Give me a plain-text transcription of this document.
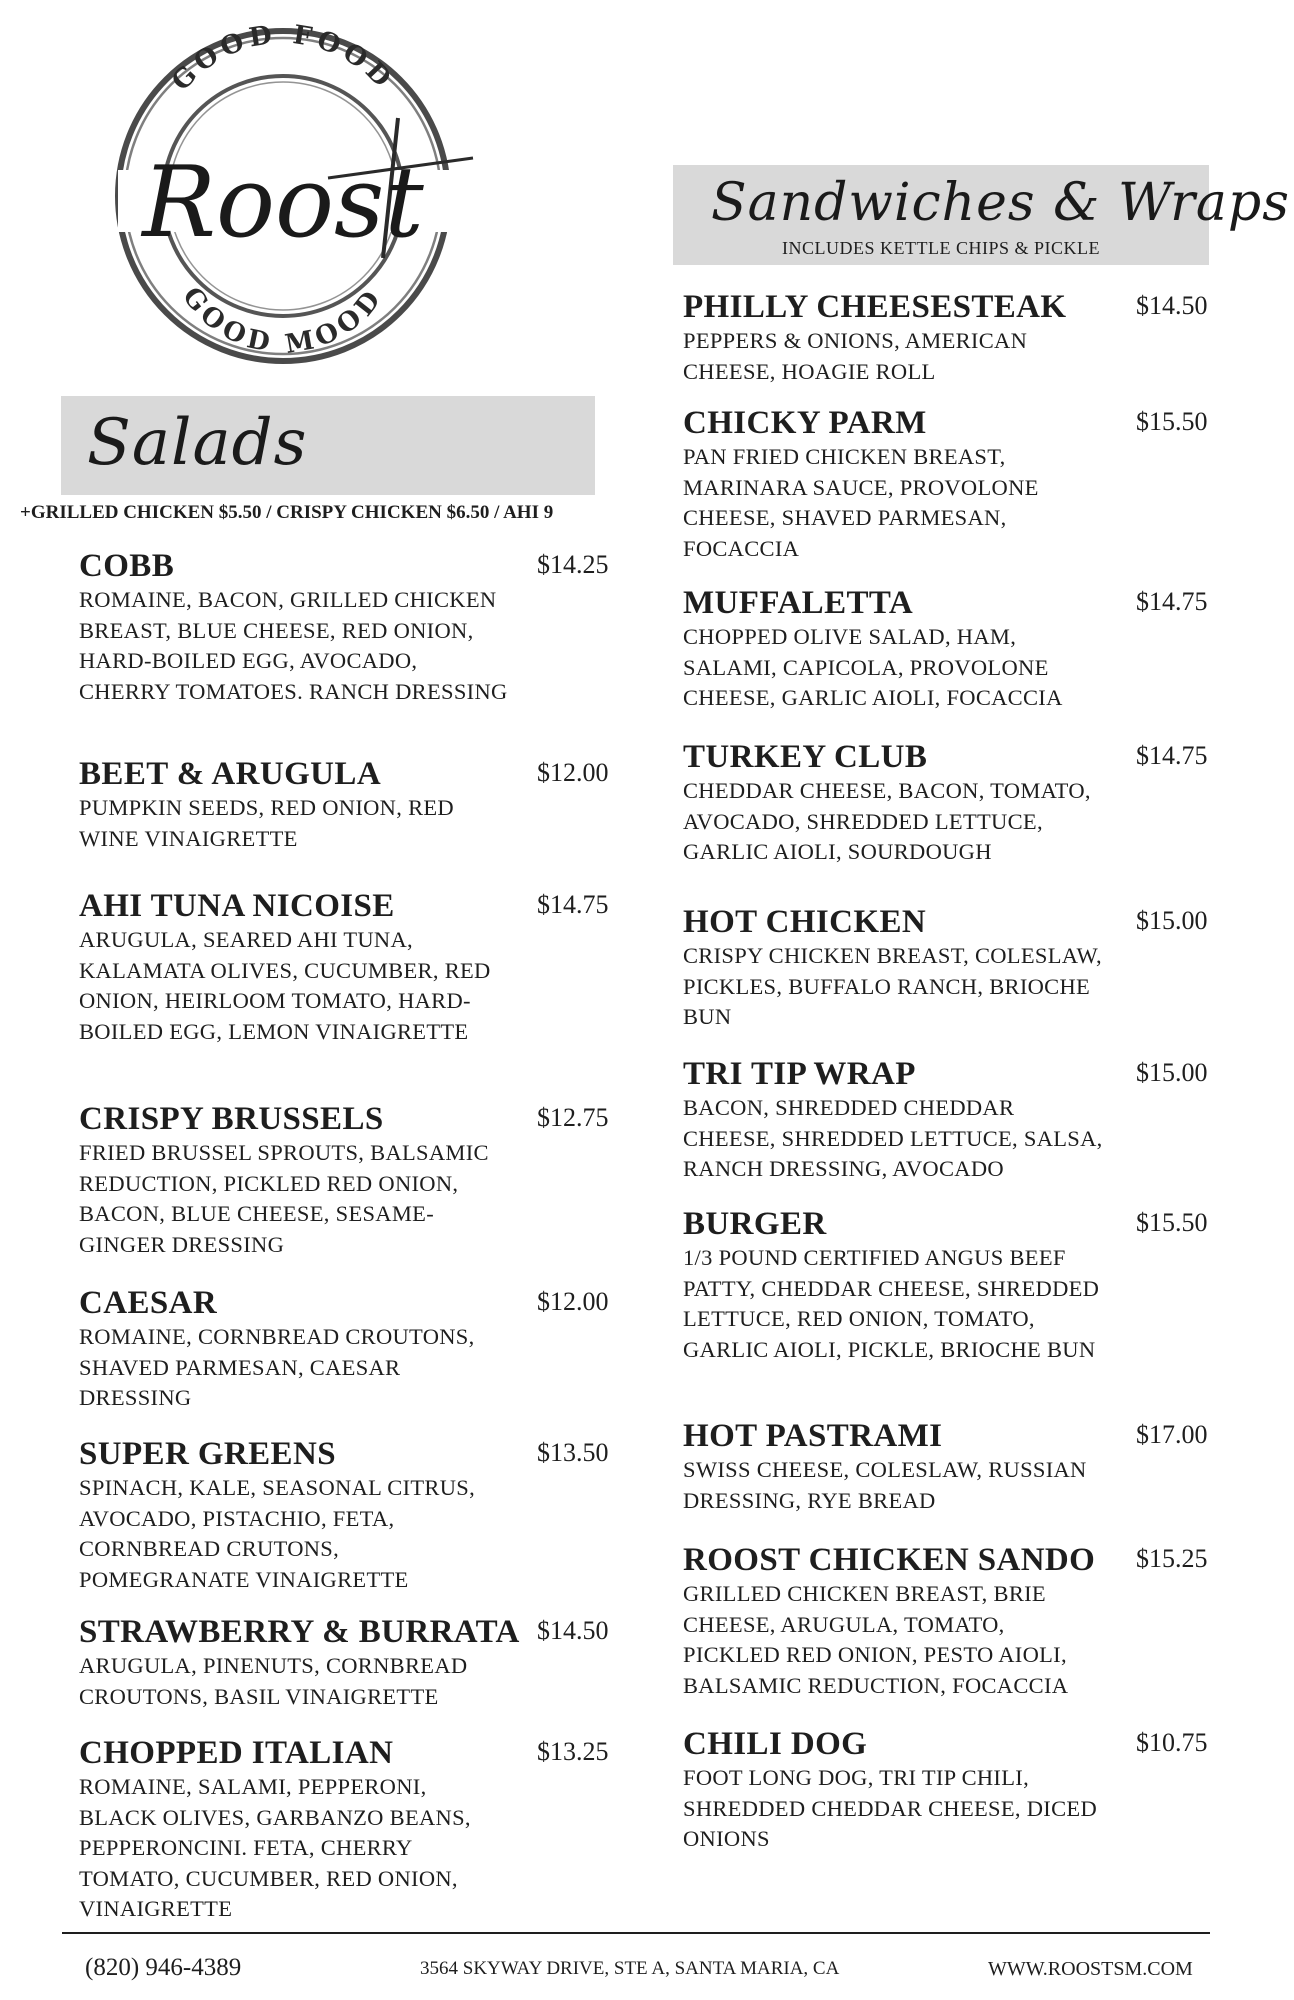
GOOD FOOD
GOOD MOOD
Roost
Salads
+GRILLED CHICKEN $5.50 / CRISPY CHICKEN $6.50 / AHI 9
Sandwiches & Wraps
INCLUDES KETTLE CHIPS & PICKLE
COBB	$14.25
ROMAINE, BACON, GRILLED CHICKEN BREAST, BLUE CHEESE, RED ONION, HARD-BOILED EGG, AVOCADO, CHERRY TOMATOES. RANCH DRESSING
BEET & ARUGULA	$12.00
PUMPKIN SEEDS, RED ONION, RED WINE VINAIGRETTE
AHI TUNA NICOISE	$14.75
ARUGULA, SEARED AHI TUNA, KALAMATA OLIVES, CUCUMBER, RED ONION, HEIRLOOM TOMATO, HARD-BOILED EGG, LEMON VINAIGRETTE
CRISPY BRUSSELS	$12.75
FRIED BRUSSEL SPROUTS, BALSAMIC REDUCTION, PICKLED RED ONION, BACON, BLUE CHEESE, SESAME-GINGER DRESSING
CAESAR	$12.00
ROMAINE, CORNBREAD CROUTONS, SHAVED PARMESAN, CAESAR DRESSING
SUPER GREENS	$13.50
SPINACH, KALE, SEASONAL CITRUS, AVOCADO, PISTACHIO, FETA, CORNBREAD CRUTONS, POMEGRANATE VINAIGRETTE
STRAWBERRY & BURRATA $14.50
ARUGULA, PINENUTS, CORNBREAD CROUTONS, BASIL VINAIGRETTE
CHOPPED ITALIAN	$13.25
ROMAINE, SALAMI, PEPPERONI, BLACK OLIVES, GARBANZO BEANS, PEPPERONCINI. FETA, CHERRY TOMATO, CUCUMBER, RED ONION, VINAIGRETTE
PHILLY CHEESESTEAK	$14.50
PEPPERS & ONIONS, AMERICAN CHEESE, HOAGIE ROLL
CHICKY PARM	$15.50
PAN FRIED CHICKEN BREAST, MARINARA SAUCE, PROVOLONE CHEESE, SHAVED PARMESAN, FOCACCIA
MUFFALETTA	$14.75
CHOPPED OLIVE SALAD, HAM, SALAMI, CAPICOLA, PROVOLONE CHEESE, GARLIC AIOLI, FOCACCIA
TURKEY CLUB	$14.75
CHEDDAR CHEESE, BACON, TOMATO, AVOCADO, SHREDDED LETTUCE, GARLIC AIOLI, SOURDOUGH
HOT CHICKEN	$15.00
CRISPY CHICKEN BREAST, COLESLAW, PICKLES, BUFFALO RANCH, BRIOCHE BUN
TRI TIP WRAP	$15.00
BACON, SHREDDED CHEDDAR CHEESE, SHREDDED LETTUCE, SALSA, RANCH DRESSING, AVOCADO
BURGER	$15.50
1/3 POUND CERTIFIED ANGUS BEEF PATTY, CHEDDAR CHEESE, SHREDDED LETTUCE, RED ONION, TOMATO, GARLIC AIOLI, PICKLE, BRIOCHE BUN
HOT PASTRAMI	$17.00
SWISS CHEESE, COLESLAW, RUSSIAN DRESSING, RYE BREAD
ROOST CHICKEN SANDO	$15.25
GRILLED CHICKEN BREAST, BRIE CHEESE, ARUGULA, TOMATO, PICKLED RED ONION, PESTO AIOLI, BALSAMIC REDUCTION, FOCACCIA
CHILI DOG	$10.75
FOOT LONG DOG, TRI TIP CHILI, SHREDDED CHEDDAR CHEESE, DICED ONIONS
(820) 946-4389	3564 SKYWAY DRIVE, STE A, SANTA MARIA, CA	WWW.ROOSTSM.COM
